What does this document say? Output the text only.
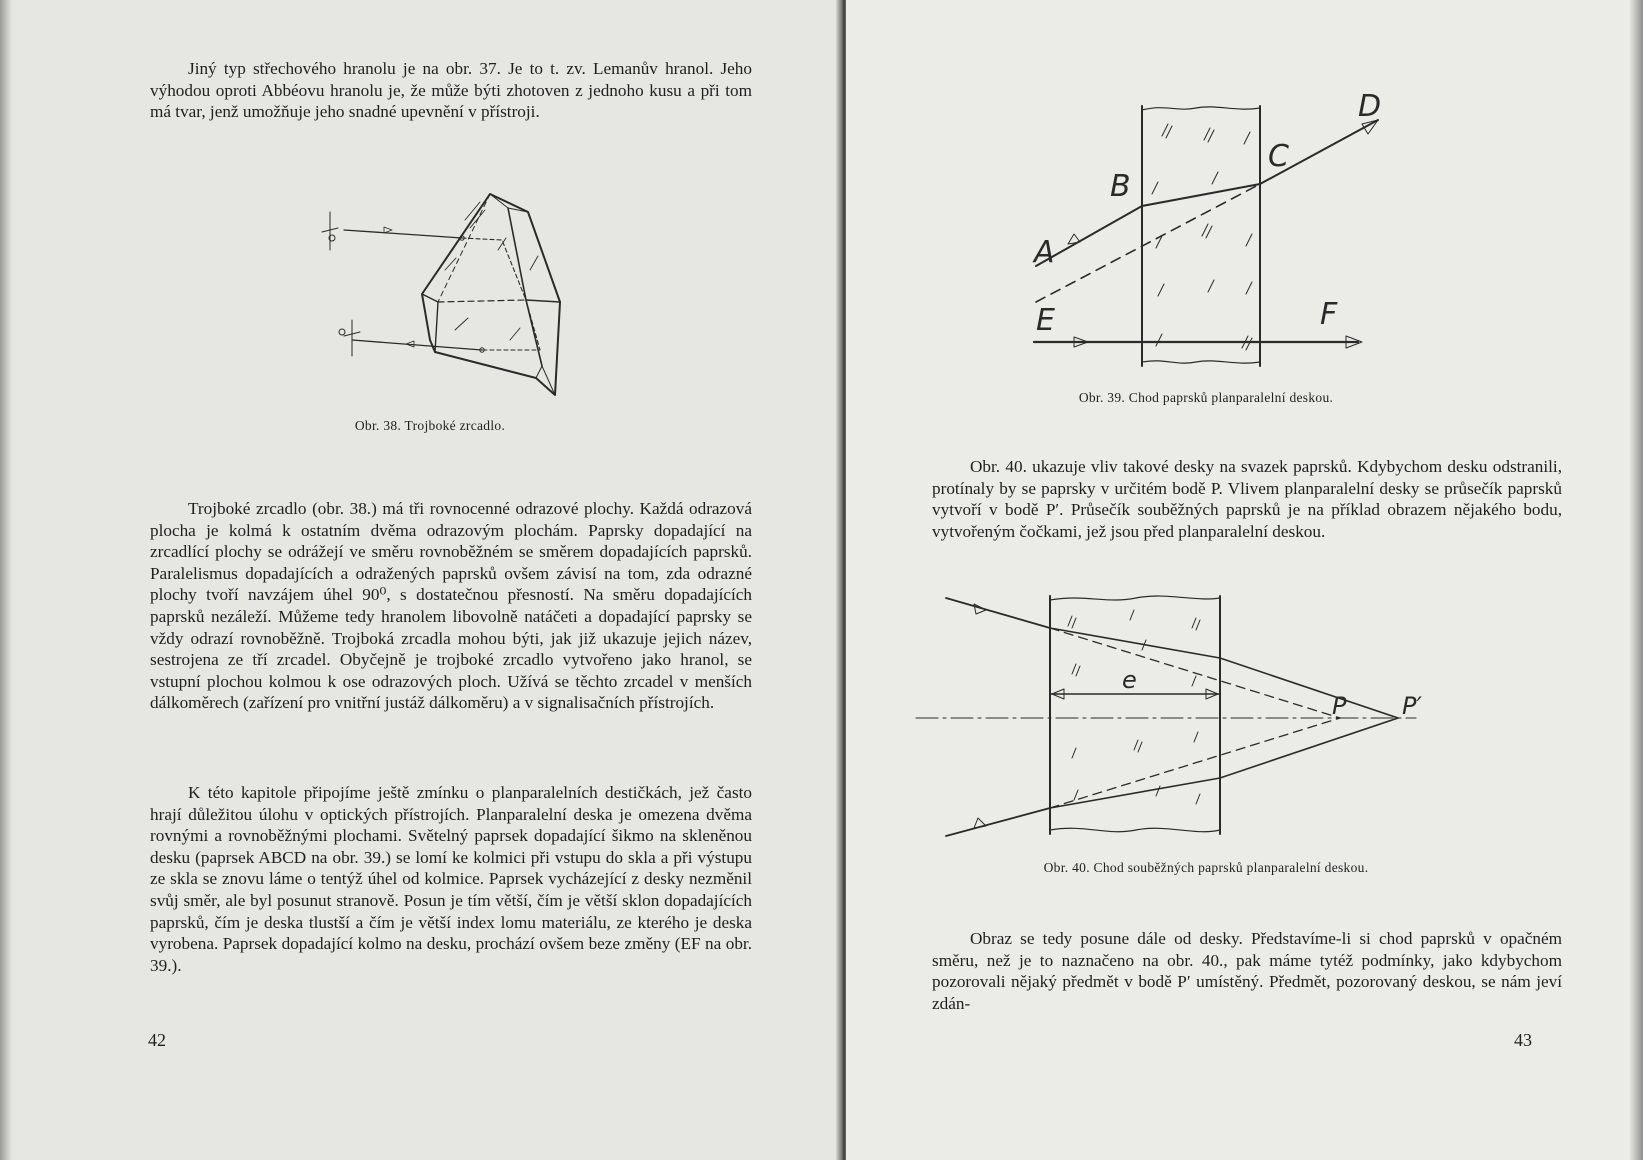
Jiný typ střechového hranolu je na obr. 37. Je to t. zv. Lemanův hranol. Jeho výhodou oproti Abbéovu hranolu je, že může býti zhotoven z jednoho kusu a při tom má tvar, jenž umožňuje jeho snadné upevnění v přístroji.

Obr. 38. Trojboké zrcadlo.

Trojboké zrcadlo (obr. 38.) má tři rovnocenné odrazové plochy. Každá odrazová plocha je kolmá k ostatním dvěma odrazovým plochám. Paprsky dopadající na zrcadlící plochy se odrážejí ve směru rovnoběžném se směrem dopadajících paprsků. Paralelismus dopadajících a odražených paprsků ovšem závisí na tom, zda odrazné plochy tvoří navzájem úhel 90⁰, s dostatečnou přesností. Na směru dopadajících paprsků nezáleží. Můžeme tedy hranolem libovolně natáčeti a dopadající paprsky se vždy odrazí rovnoběžně. Trojboká zrcadla mohou býti, jak již ukazuje jejich název, sestrojena ze tří zrcadel. Obyčejně je trojboké zrcadlo vytvořeno jako hranol, se vstupní plochou kolmou k ose odrazových ploch. Užívá se těchto zrcadel v menších dálkoměrech (zařízení pro vnitřní justáž dálkoměru) a v signalisačních přístrojích.

K této kapitole připojíme ještě zmínku o planparalelních destičkách, jež často hrají důležitou úlohu v optických přístrojích. Planparalelní deska je omezena dvěma rovnými a rovnoběžnými plochami. Světelný paprsek dopadající šikmo na skleněnou desku (paprsek ABCD na obr. 39.) se lomí ke kolmici při vstupu do skla a při výstupu ze skla se znovu láme o tentýž úhel od kolmice. Paprsek vycházející z desky nezměnil svůj směr, ale byl posunut stranově. Posun je tím větší, čím je větší sklon dopadajících paprsků, čím je deska tlustší a čím je větší index lomu materiálu, ze kterého je deska vyrobena. Paprsek dopadající kolmo na desku, prochází ovšem beze změny (EF na obr. 39.).

42
A
B
C
D
E	F
Obr. 39. Chod paprsků planparalelní deskou.

Obr. 40. ukazuje vliv takové desky na svazek paprsků. Kdybychom desku odstranili, protínaly by se paprsky v určitém bodě P. Vlivem planparalelní desky se průsečík paprsků vytvoří v bodě P′. Průsečík souběžných paprsků je na příklad obrazem nějakého bodu, vytvořeným čočkami, jež jsou před planparalelní deskou.

e
P P′
Obr. 40. Chod souběžných paprsků planparalelní deskou.

Obraz se tedy posune dále od desky. Představíme-li si chod paprsků v opačném směru, než je to naznačeno na obr. 40., pak máme tytéž podmínky, jako kdybychom pozorovali nějaký předmět v bodě P′ umístěný. Předmět, pozorovaný deskou, se nám jeví zdán-

43
